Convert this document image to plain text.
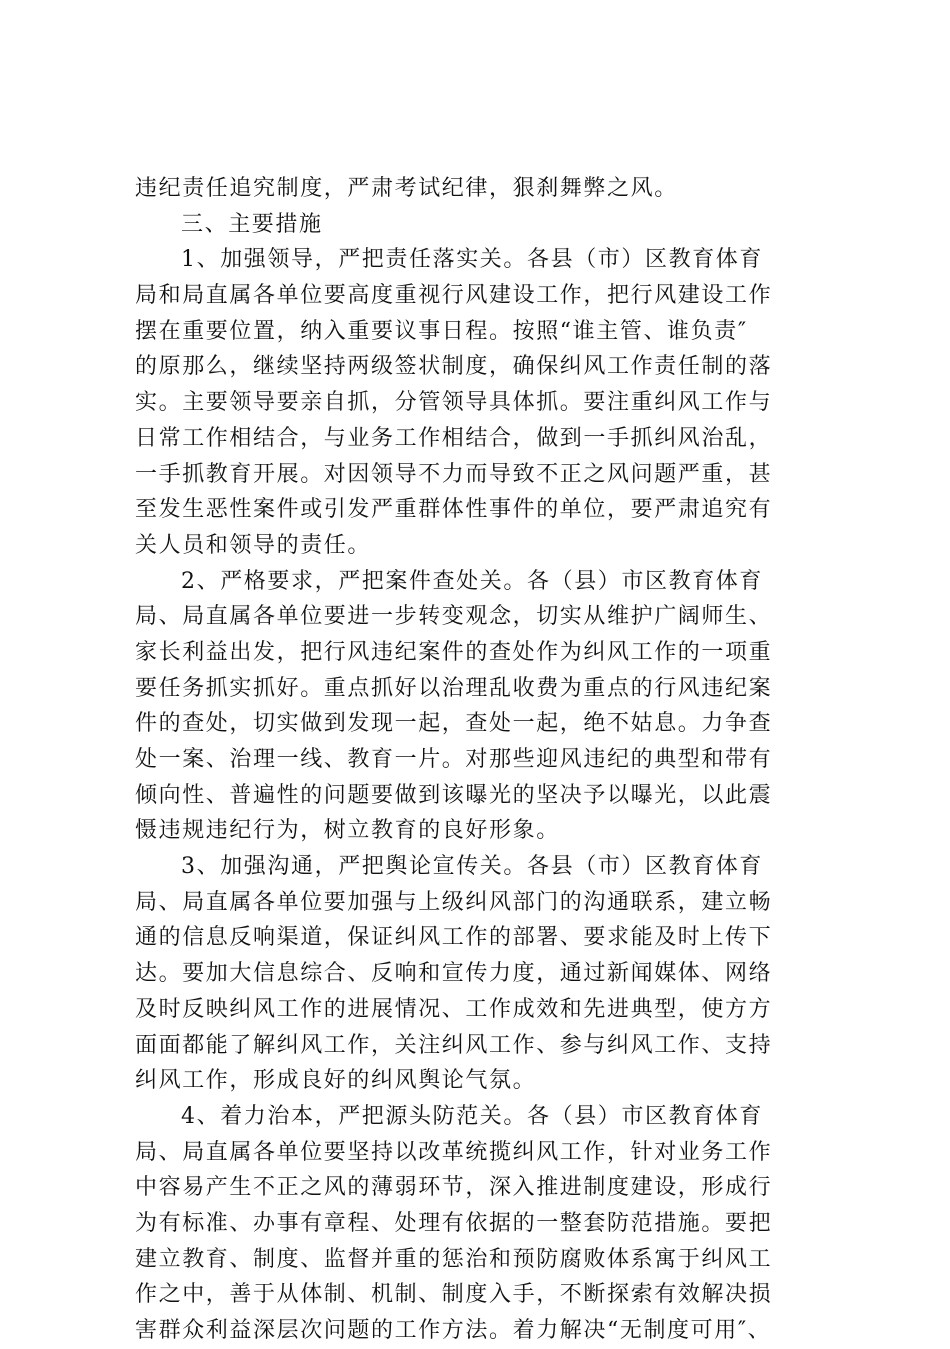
违纪责任追究制度，严肃考试纪律，狠刹舞弊之风。
三、主要措施
1、加强领导，严把责任落实关。各县（市）区教育体育
局和局直属各单位要高度重视行风建设工作，把行风建设工作
摆在重要位置，纳入重要议事日程。按照“谁主管、谁负责″
的原那么，继续坚持两级签状制度，确保纠风工作责任制的落
实。主要领导要亲自抓，分管领导具体抓。要注重纠风工作与
日常工作相结合，与业务工作相结合，做到一手抓纠风治乱，
一手抓教育开展。对因领导不力而导致不正之风问题严重，甚
至发生恶性案件或引发严重群体性事件的单位，要严肃追究有
关人员和领导的责任。
2、严格要求，严把案件查处关。各（县）市区教育体育
局、局直属各单位要进一步转变观念，切实从维护广阔师生、
家长利益出发，把行风违纪案件的查处作为纠风工作的一项重
要任务抓实抓好。重点抓好以治理乱收费为重点的行风违纪案
件的查处，切实做到发现一起，查处一起，绝不姑息。力争查
处一案、治理一线、教育一片。对那些迎风违纪的典型和带有
倾向性、普遍性的问题要做到该曝光的坚决予以曝光，以此震
慑违规违纪行为，树立教育的良好形象。
3、加强沟通，严把舆论宣传关。各县（市）区教育体育
局、局直属各单位要加强与上级纠风部门的沟通联系，建立畅
通的信息反响渠道，保证纠风工作的部署、要求能及时上传下
达。要加大信息综合、反响和宣传力度，通过新闻媒体、网络
及时反映纠风工作的进展情况、工作成效和先进典型，使方方
面面都能了解纠风工作，关注纠风工作、参与纠风工作、支持
纠风工作，形成良好的纠风舆论气氛。
4、着力治本，严把源头防范关。各（县）市区教育体育
局、局直属各单位要坚持以改革统揽纠风工作，针对业务工作
中容易产生不正之风的薄弱环节，深入推进制度建设，形成行
为有标准、办事有章程、处理有依据的一整套防范措施。要把
建立教育、制度、监督并重的惩治和预防腐败体系寓于纠风工
作之中，善于从体制、机制、制度入手，不断探索有效解决损
害群众利益深层次问题的工作方法。着力解决“无制度可用″、
